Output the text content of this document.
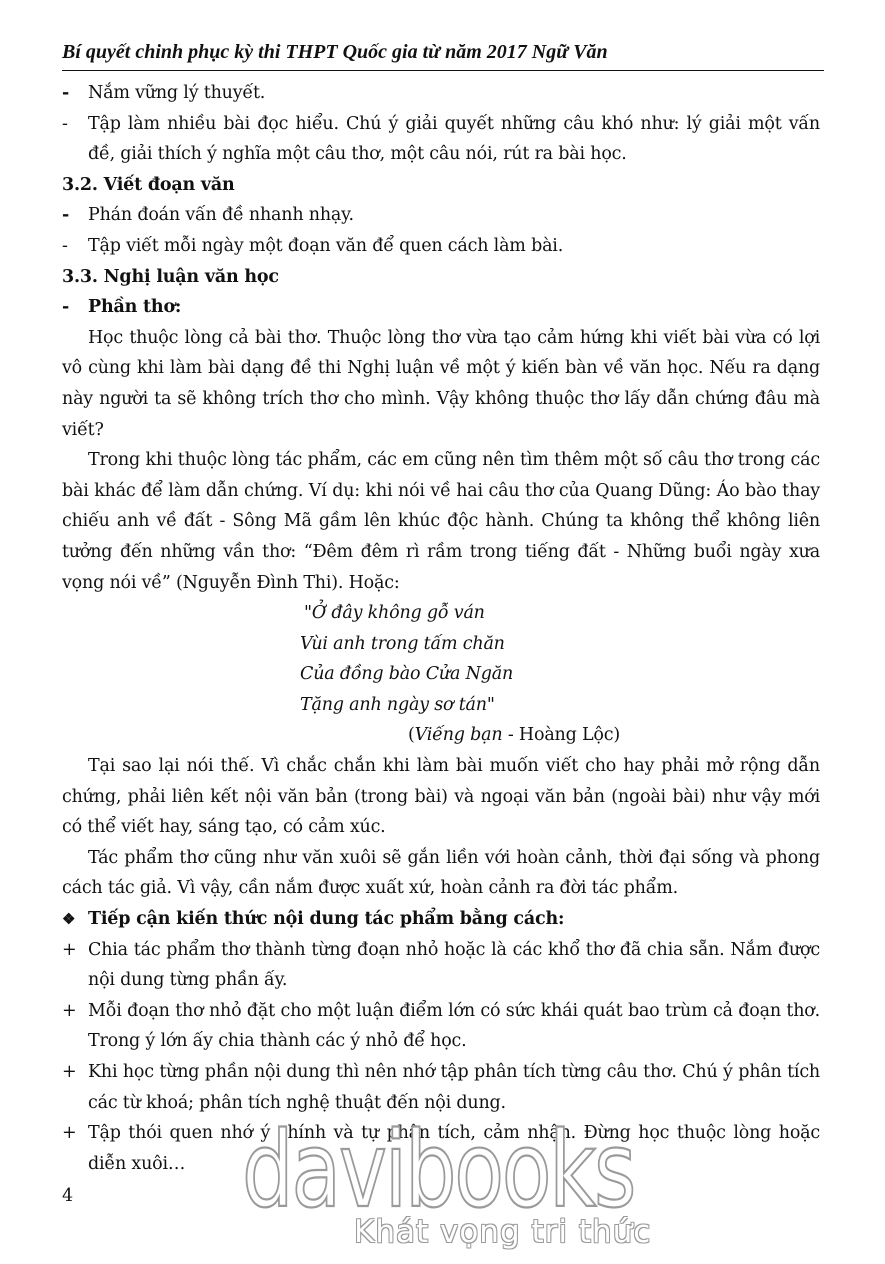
Bí quyết chinh phục kỳ thi THPT Quốc gia từ năm 2017 Ngữ Văn
-	Nắm vững lý thuyết.
-	Tập làm nhiều bài đọc hiểu. Chú ý giải quyết những câu khó như: lý giải một vấn đề, giải thích ý nghĩa một câu thơ, một câu nói, rút ra bài học.
3.2. Viết đoạn văn
-	Phán đoán vấn đề nhanh nhạy.
-	Tập viết mỗi ngày một đoạn văn để quen cách làm bài.
3.3. Nghị luận văn học
-	Phần thơ:
Học thuộc lòng cả bài thơ. Thuộc lòng thơ vừa tạo cảm hứng khi viết bài vừa có lợi vô cùng khi làm bài dạng đề thi Nghị luận về một ý kiến bàn về văn học. Nếu ra dạng này người ta sẽ không trích thơ cho mình. Vậy không thuộc thơ lấy dẫn chứng đâu mà viết?
Trong khi thuộc lòng tác phẩm, các em cũng nên tìm thêm một số câu thơ trong các bài khác để làm dẫn chứng. Ví dụ: khi nói về hai câu thơ của Quang Dũng: Áo bào thay chiếu anh về đất - Sông Mã gầm lên khúc độc hành. Chúng ta không thể không liên tưởng đến những vần thơ: “Đêm đêm rì rầm trong tiếng đất - Những buổi ngày xưa vọng nói về” (Nguyễn Đình Thi). Hoặc:
"Ở đây không gỗ ván
Vùi anh trong tấm chăn
Của đồng bào Cửa Ngăn
Tặng anh ngày sơ tán"
(Viếng bạn - Hoàng Lộc)
Tại sao lại nói thế. Vì chắc chắn khi làm bài muốn viết cho hay phải mở rộng dẫn chứng, phải liên kết nội văn bản (trong bài) và ngoại văn bản (ngoài bài) như vậy mới có thể viết hay, sáng tạo, có cảm xúc.
Tác phẩm thơ cũng như văn xuôi sẽ gắn liền với hoàn cảnh, thời đại sống và phong cách tác giả. Vì vậy, cần nắm được xuất xứ, hoàn cảnh ra đời tác phẩm.
❖ Tiếp cận kiến thức nội dung tác phẩm bằng cách:
+ Chia tác phẩm thơ thành từng đoạn nhỏ hoặc là các khổ thơ đã chia sẵn. Nắm được nội dung từng phần ấy.
+ Mỗi đoạn thơ nhỏ đặt cho một luận điểm lớn có sức khái quát bao trùm cả đoạn thơ. Trong ý lớn ấy chia thành các ý nhỏ để học.
+ Khi học từng phần nội dung thì nên nhớ tập phân tích từng câu thơ. Chú ý phân tích các từ khoá; phân tích nghệ thuật đến nội dung.
+ Tập thói quen nhớ ý chính và tự phân tích, cảm nhận. Đừng học thuộc lòng hoặc diễn xuôi… davibooks
Khát vọng tri thức
4
